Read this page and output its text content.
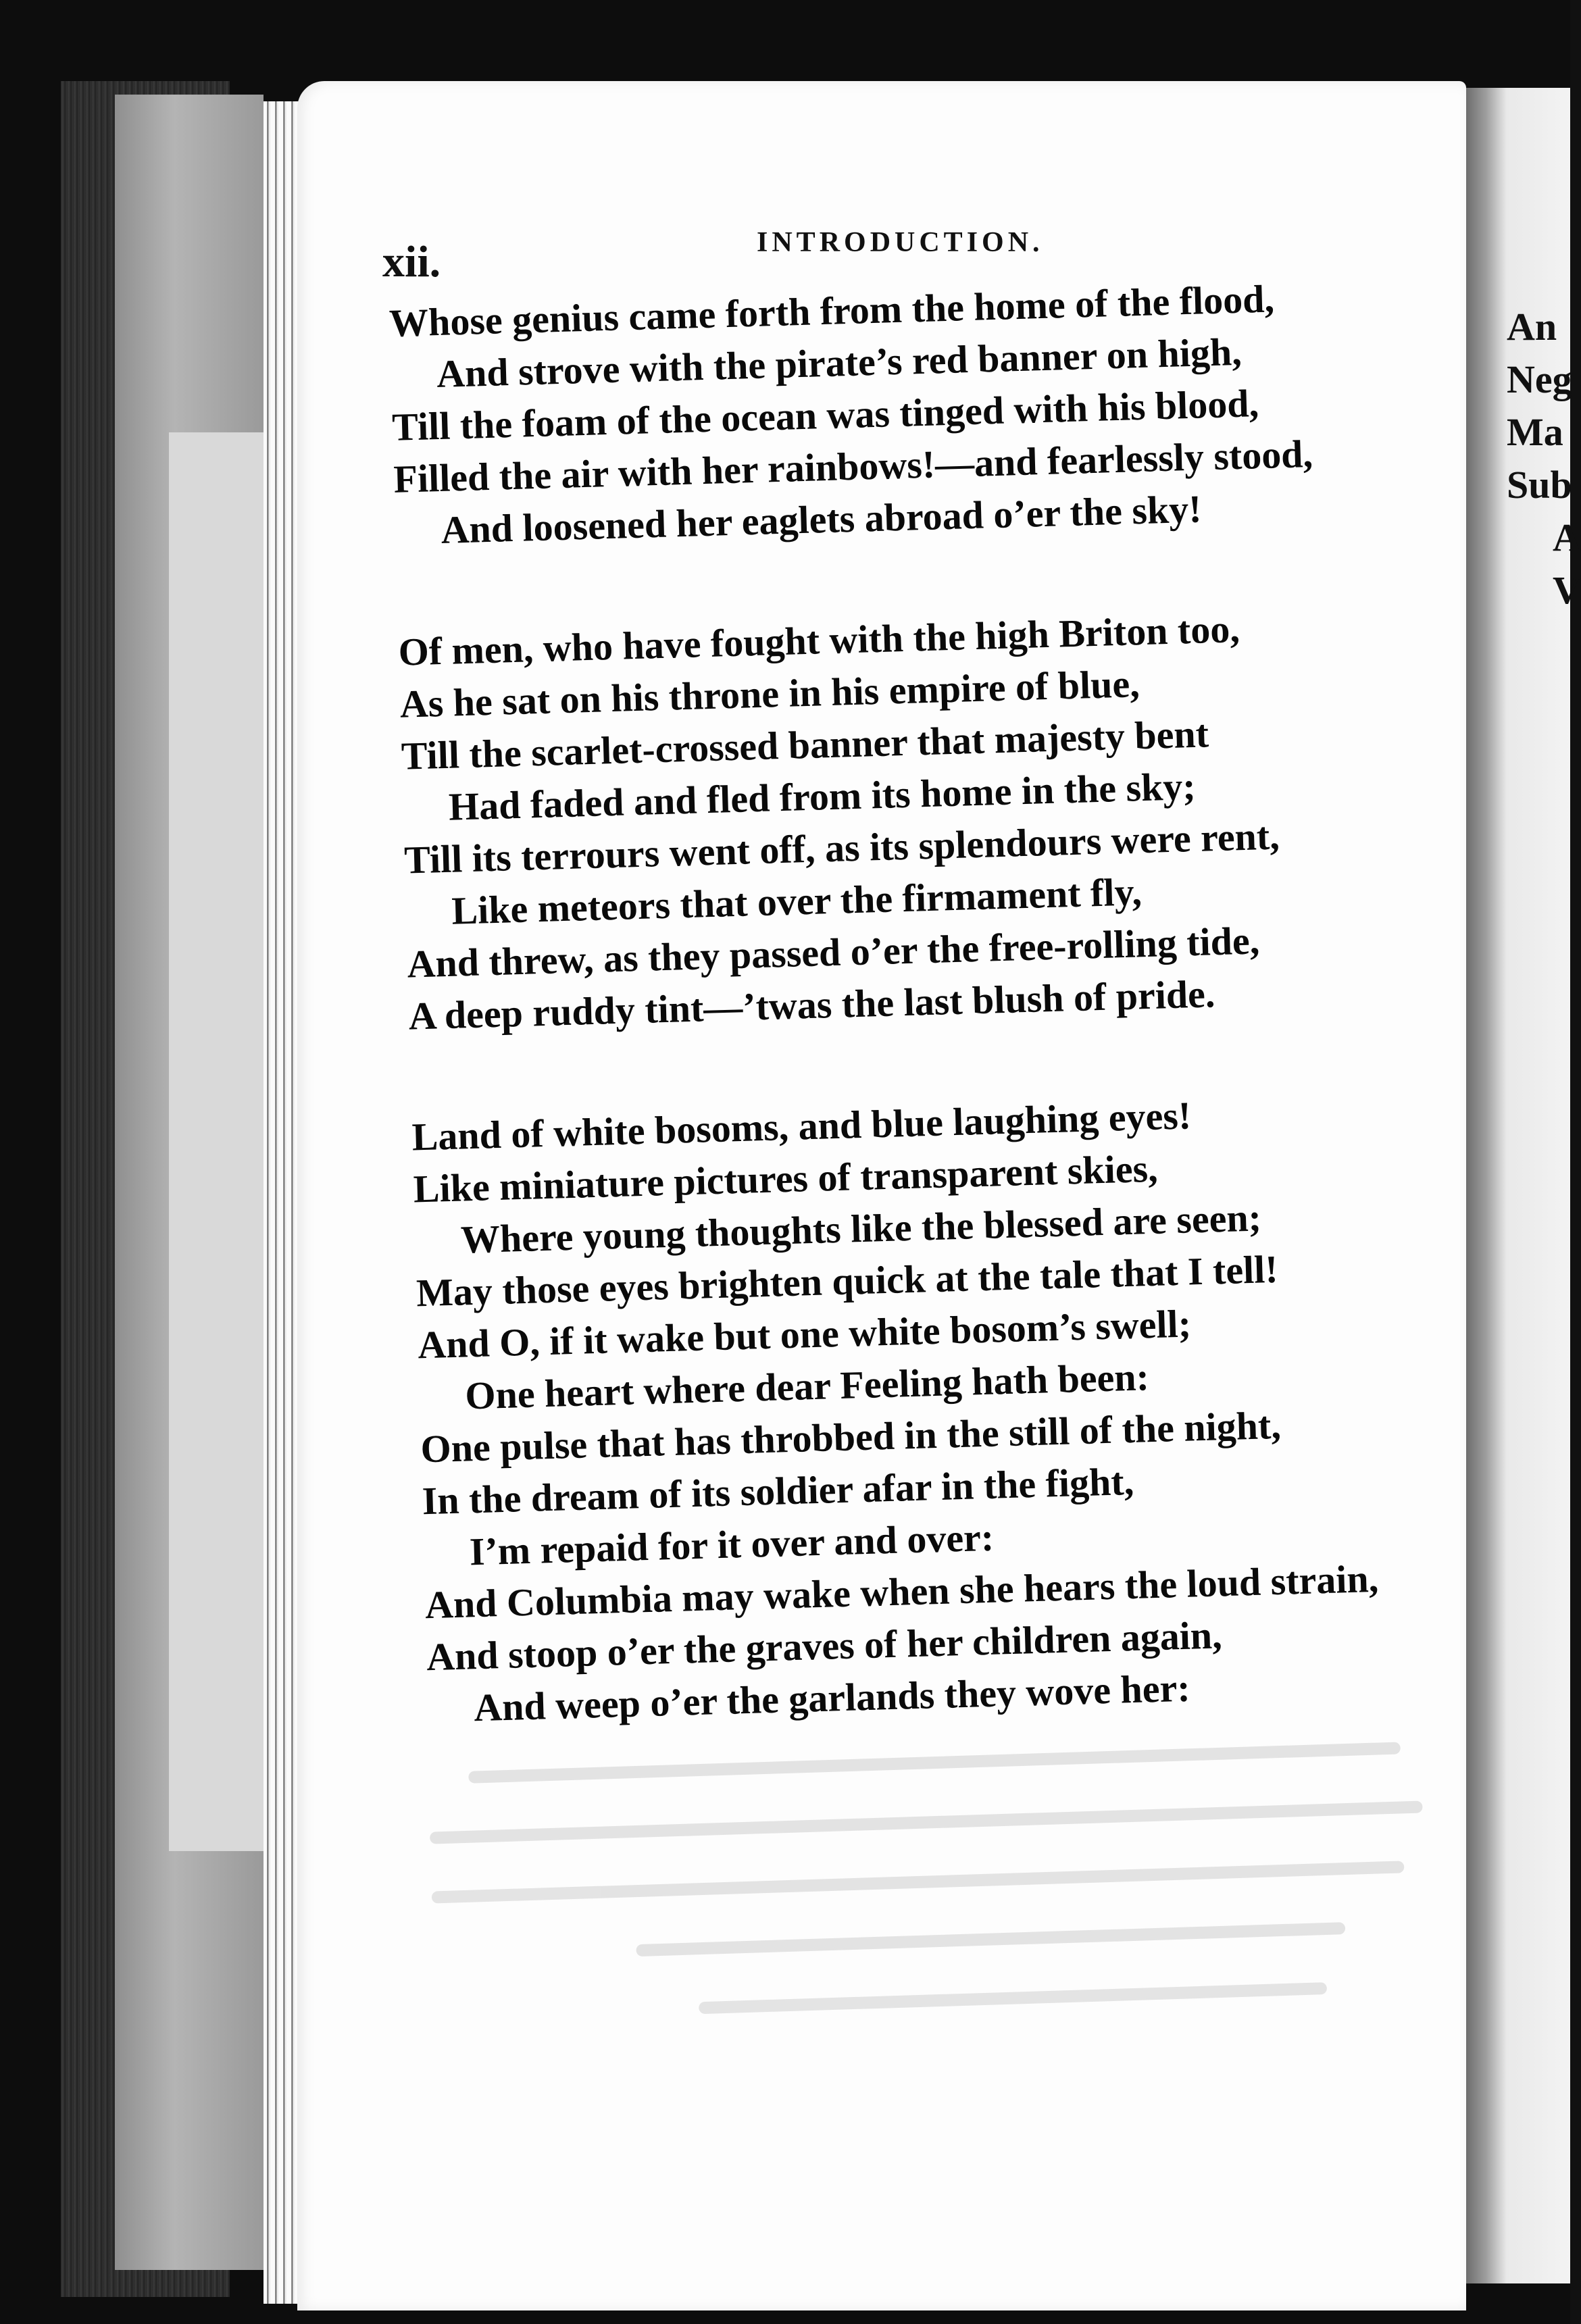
An
Neg
Ma
Sub
A
V
xii.	INTRODUCTION.
Whose genius came forth from the home of the flood,
And strove with the pirate’s red banner on high,
Till the foam of the ocean was tinged with his blood,
Filled the air with her rainbows!—and fearlessly stood,
And loosened her eaglets abroad o’er the sky!
Of men, who have fought with the high Briton too,
As he sat on his throne in his empire of blue,
Till the scarlet-crossed banner that majesty bent
Had faded and fled from its home in the sky;
Till its terrours went off, as its splendours were rent,
Like meteors that over the firmament fly,
And threw, as they passed o’er the free-rolling tide,
A deep ruddy tint—’twas the last blush of pride.
Land of white bosoms, and blue laughing eyes!
Like miniature pictures of transparent skies,
Where young thoughts like the blessed are seen;
May those eyes brighten quick at the tale that I tell!
And O, if it wake but one white bosom’s swell;
One heart where dear Feeling hath been:
One pulse that has throbbed in the still of the night,
In the dream of its soldier afar in the fight,
I’m repaid for it over and over:
And Columbia may wake when she hears the loud strain,
And stoop o’er the graves of her children again,
And weep o’er the garlands they wove her:
